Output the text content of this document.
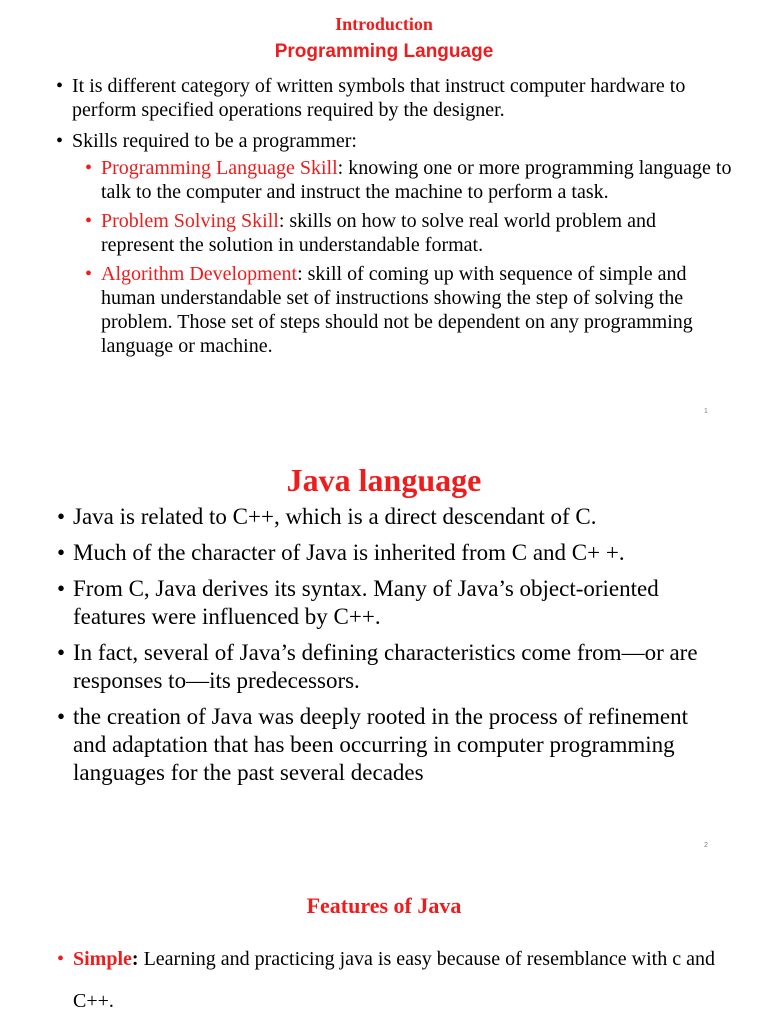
Introduction
Programming Language
• It is different category of written symbols that instruct computer hardware to perform specified operations required by the designer.
• Skills required to be a programmer:
• Programming Language Skill: knowing one or more programming language to talk to the computer and instruct the machine to perform a task.
• Problem Solving Skill: skills on how to solve real world problem and represent the solution in understandable format.
• Algorithm Development: skill of coming up with sequence of simple and human understandable set of instructions showing the step of solving the problem. Those set of steps should not be dependent on any programming language or machine.
1
Java language
• Java is related to C++, which is a direct descendant of C.
• Much of the character of Java is inherited from C and C+ +.
• From C, Java derives its syntax. Many of Java’s object-oriented features were influenced by C++.
• In fact, several of Java’s defining characteristics come from—or are responses to—its predecessors.
• the creation of Java was deeply rooted in the process of refinement and adaptation that has been occurring in computer programming languages for the past several decades
2
Features of Java
• Simple: Learning and practicing java is easy because of resemblance with c and C++.
